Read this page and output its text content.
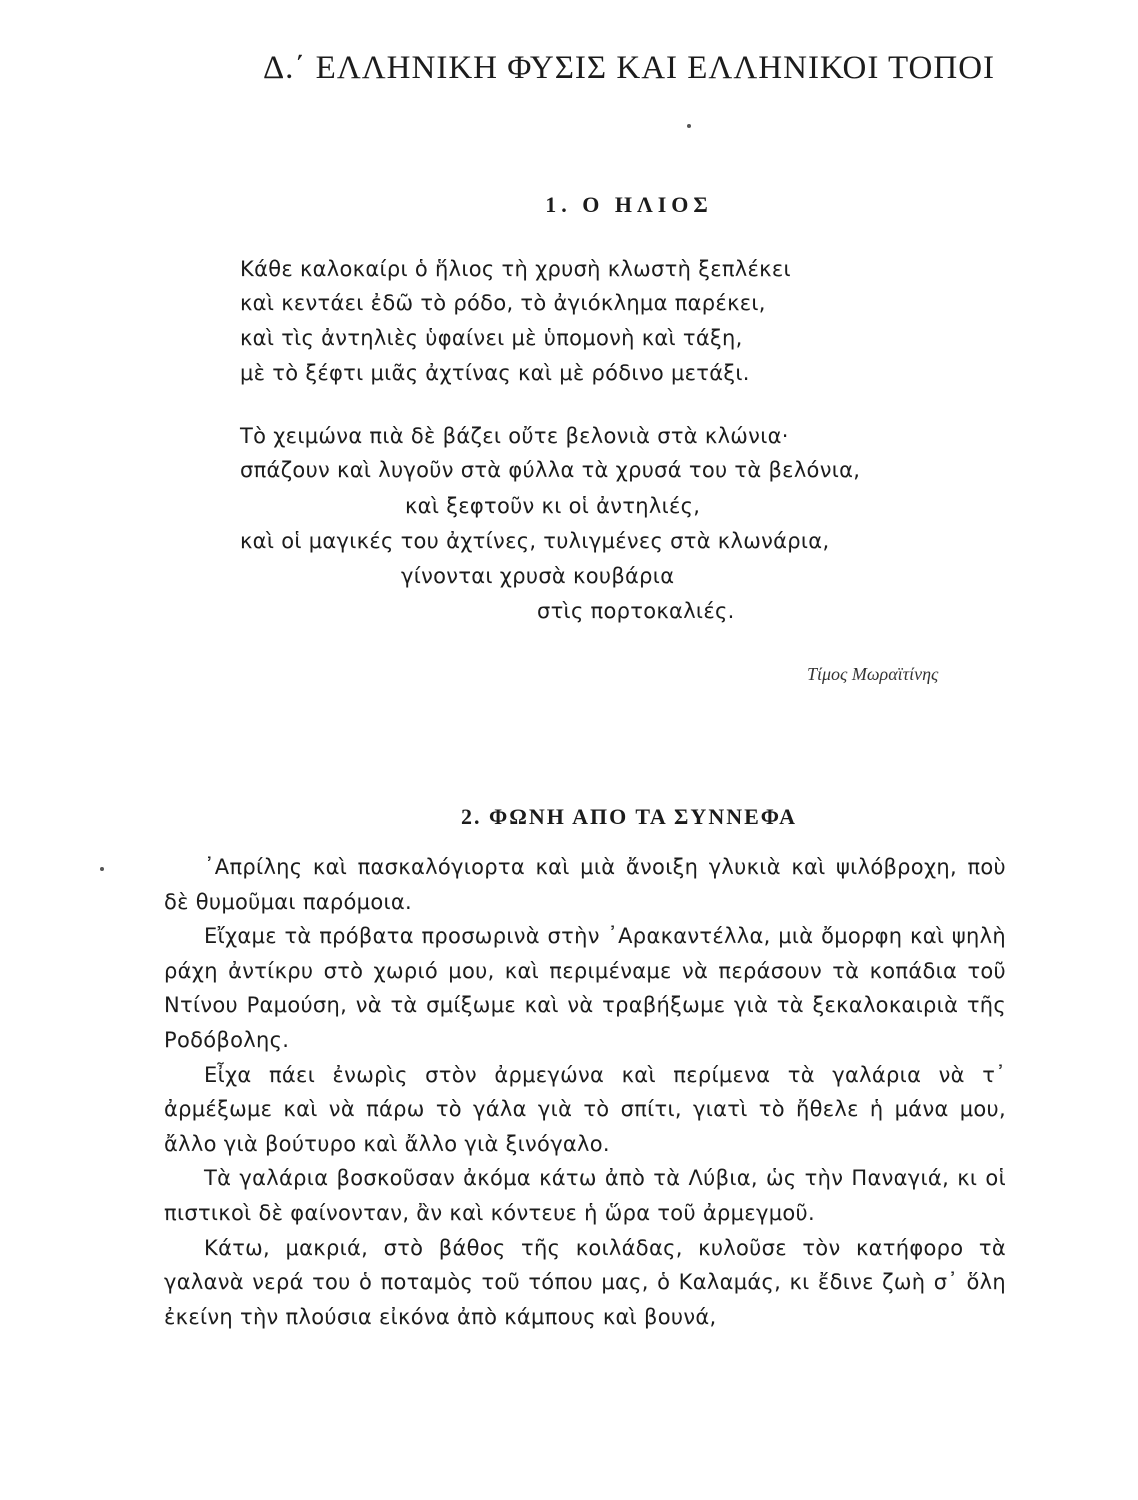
Δ.΄ ΕΛΛΗΝΙΚΗ ΦΥΣΙΣ ΚΑΙ ΕΛΛΗΝΙΚΟΙ ΤΟΠΟΙ
1. Ο ΗΛΙΟΣ
Κάθε καλοκαίρι ὁ ἥλιος τὴ χρυσὴ κλωστὴ ξεπλέκει
καὶ κεντάει ἐδῶ τὸ ρόδο, τὸ ἀγιόκλημα παρέκει,
καὶ τὶς ἀντηλιὲς ὑφαίνει μὲ ὑπομονὴ καὶ τάξη,
μὲ τὸ ξέφτι μιᾶς ἀχτίνας καὶ μὲ ρόδινο μετάξι.
Τὸ χειμώνα πιὰ δὲ βάζει οὔτε βελονιὰ στὰ κλώνια·
σπάζουν καὶ λυγοῦν στὰ φύλλα τὰ χρυσά του τὰ βελόνια,
καὶ ξεφτοῦν κι οἱ ἀντηλιές,
καὶ οἱ μαγικές του ἀχτίνες, τυλιγμένες στὰ κλωνάρια,
γίνονται χρυσὰ κουβάρια
στὶς πορτοκαλιές.
Τίμος Μωραϊτίνης
2. ΦΩΝΗ ΑΠΟ ΤΑ ΣΥΝΝΕΦΑ

᾿Απρίλης καὶ πασκαλόγιορτα καὶ μιὰ ἄνοιξη γλυκιὰ καὶ ψιλόβροχη, ποὺ δὲ θυμοῦμαι παρόμοια.

Εἴχαμε τὰ πρόβατα προσωρινὰ στὴν ᾿Αρακαντέλλα, μιὰ ὄμορφη καὶ ψηλὴ ράχη ἀντίκρυ στὸ χωριό μου, καὶ περιμέναμε νὰ περάσουν τὰ κοπάδια τοῦ Ντίνου Ραμούση, νὰ τὰ σμίξωμε καὶ νὰ τραβήξωμε γιὰ τὰ ξεκαλοκαιριὰ τῆς Ροδόβολης.

Εἶχα πάει ἐνωρὶς στὸν ἀρμεγώνα καὶ περίμενα τὰ γαλάρια νὰ τ᾿ ἀρμέξωμε καὶ νὰ πάρω τὸ γάλα γιὰ τὸ σπίτι, γιατὶ τὸ ἤθελε ἡ μάνα μου, ἄλλο γιὰ βούτυρο καὶ ἄλλο γιὰ ξινόγαλο.

Τὰ γαλάρια βοσκοῦσαν ἀκόμα κάτω ἀπὸ τὰ Λύβια, ὡς τὴν Παναγιά, κι οἱ πιστικοὶ δὲ φαίνονταν, ἂν καὶ κόντευε ἡ ὥρα τοῦ ἀρμεγμοῦ.

Κάτω, μακριά, στὸ βάθος τῆς κοιλάδας, κυλοῦσε τὸν κατήφορο τὰ γαλανὰ νερά του ὁ ποταμὸς τοῦ τόπου μας, ὁ Καλαμάς, κι ἔδινε ζωὴ σ᾿ ὅλη ἐκείνη τὴν πλούσια εἰκόνα ἀπὸ κάμπους καὶ βουνά,
